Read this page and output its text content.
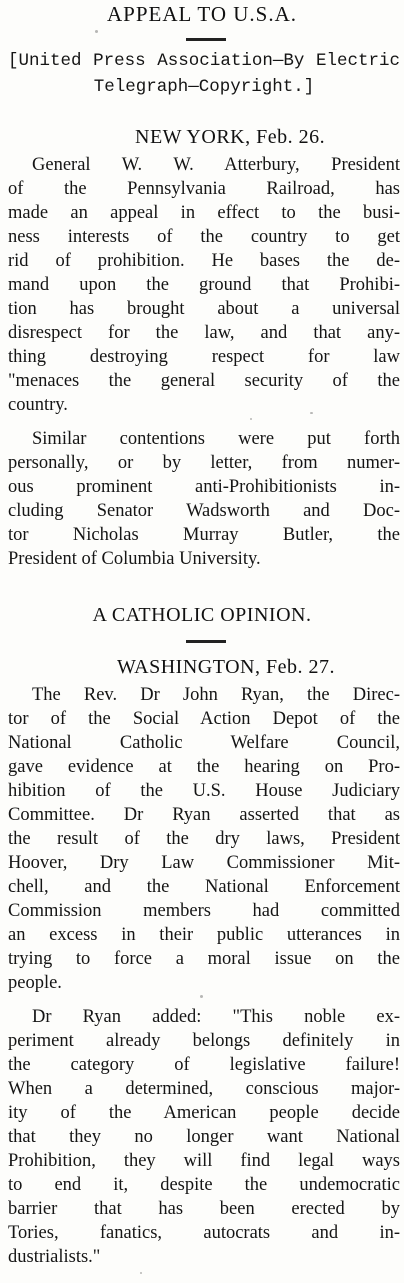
APPEAL TO U.S.A.
[United Press Association—By Electric
Telegraph—Copyright.]
NEW YORK, Feb. 26.
General W. W. Atterbury, President
of the Pennsylvania Railroad, has
made an appeal in effect to the busi-
ness interests of the country to get
rid of prohibition. He bases the de-
mand upon the ground that Prohibi-
tion has brought about a universal
disrespect for the law, and that any-
thing destroying respect for law
"menaces the general security of the
country.
Similar contentions were put forth
personally, or by letter, from numer-
ous prominent anti-Prohibitionists in-
cluding Senator Wadsworth and Doc-
tor Nicholas Murray Butler, the
President of Columbia University.
A CATHOLIC OPINION.
WASHINGTON, Feb. 27.
The Rev. Dr John Ryan, the Direc-
tor of the Social Action Depot of the
National Catholic Welfare Council,
gave evidence at the hearing on Pro-
hibition of the U.S. House Judiciary
Committee. Dr Ryan asserted that as
the result of the dry laws, President
Hoover, Dry Law Commissioner Mit-
chell, and the National Enforcement
Commission members had committed
an excess in their public utterances in
trying to force a moral issue on the
people.
Dr Ryan added: "This noble ex-
periment already belongs definitely in
the category of legislative failure!
When a determined, conscious major-
ity of the American people decide
that they no longer want National
Prohibition, they will find legal ways
to end it, despite the undemocratic
barrier that has been erected by
Tories, fanatics, autocrats and in-
dustrialists."
